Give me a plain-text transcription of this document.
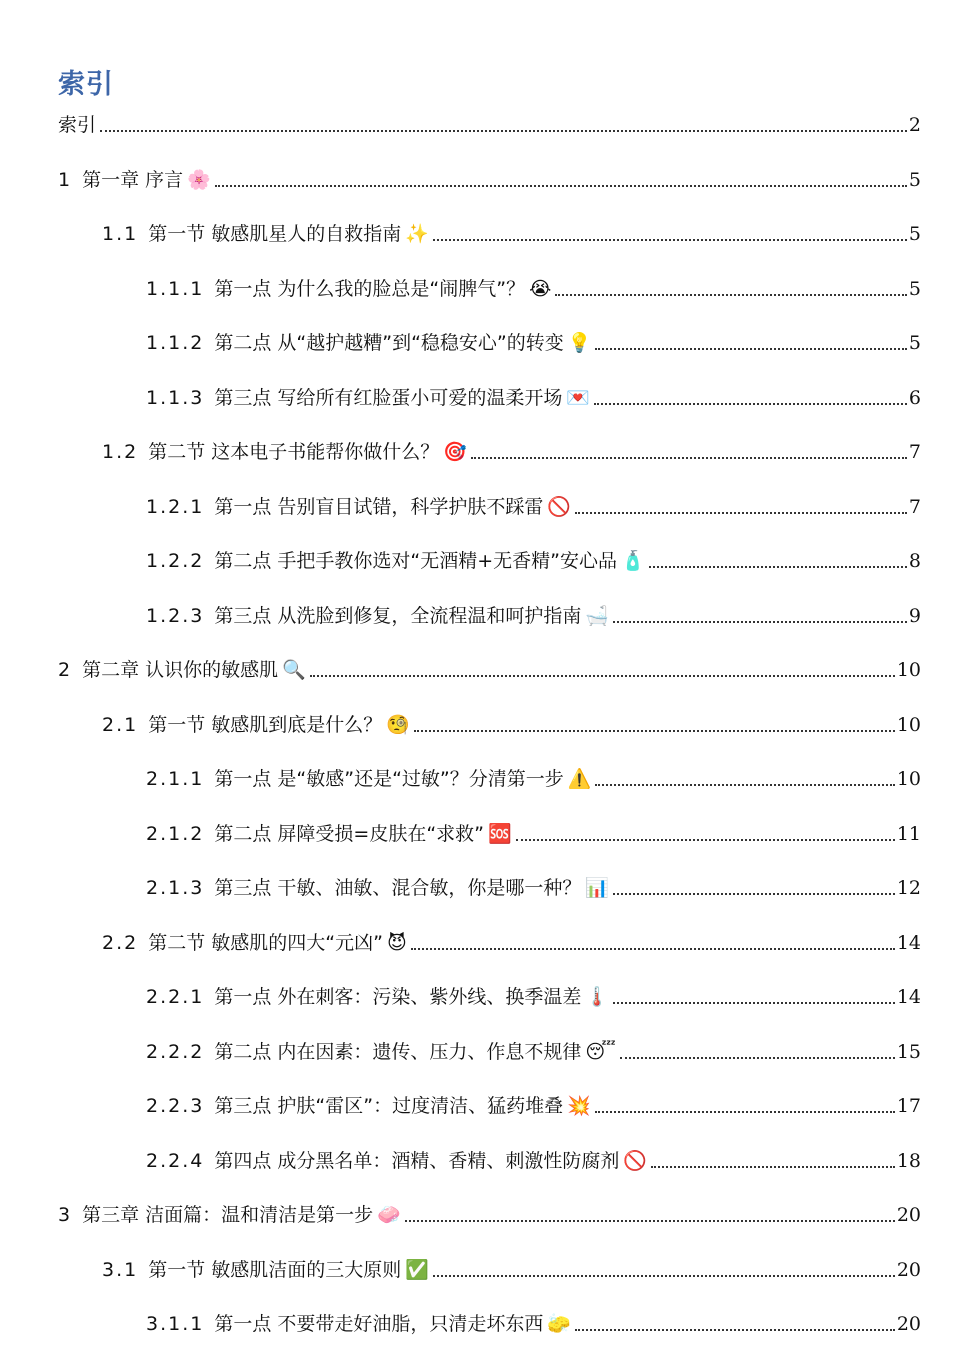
索引
索引	2
1 第一章 序言 🌸	5
1.1 第一节 敏感肌星人的自救指南 ✨	5
1.1.1 第一点 为什么我的脸总是“闹脾气”？ 😭	5
1.1.2 第二点 从“越护越糟”到“稳稳安心”的转变 💡	5
1.1.3 第三点 写给所有红脸蛋小可爱的温柔开场 💌	6
1.2 第二节 这本电子书能帮你做什么？ 🎯	7
1.2.1 第一点 告别盲目试错，科学护肤不踩雷 🚫	7
1.2.2 第二点 手把手教你选对“无酒精+无香精”安心品 🧴	8
1.2.3 第三点 从洗脸到修复，全流程温和呵护指南 🛁	9
2 第二章 认识你的敏感肌 🔍	10
2.1 第一节 敏感肌到底是什么？ 🧐	10
2.1.1 第一点 是“敏感”还是“过敏”？分清第一步 ⚠️	10
2.1.2 第二点 屏障受损=皮肤在“求救” 🆘	11
2.1.3 第三点 干敏、油敏、混合敏，你是哪一种？ 📊	12
2.2 第二节 敏感肌的四大“元凶” 😈	14
2.2.1 第一点 外在刺客：污染、紫外线、换季温差 🌡️	14
2.2.2 第二点 内在因素：遗传、压力、作息不规律 😴	15
2.2.3 第三点 护肤“雷区”：过度清洁、猛药堆叠 💥	17
2.2.4 第四点 成分黑名单：酒精、香精、刺激性防腐剂 🚫	18
3 第三章 洁面篇：温和清洁是第一步 🧼	20
3.1 第一节 敏感肌洁面的三大原则 ✅	20
3.1.1 第一点 不要带走好油脂，只清走坏东西 🧽	20
